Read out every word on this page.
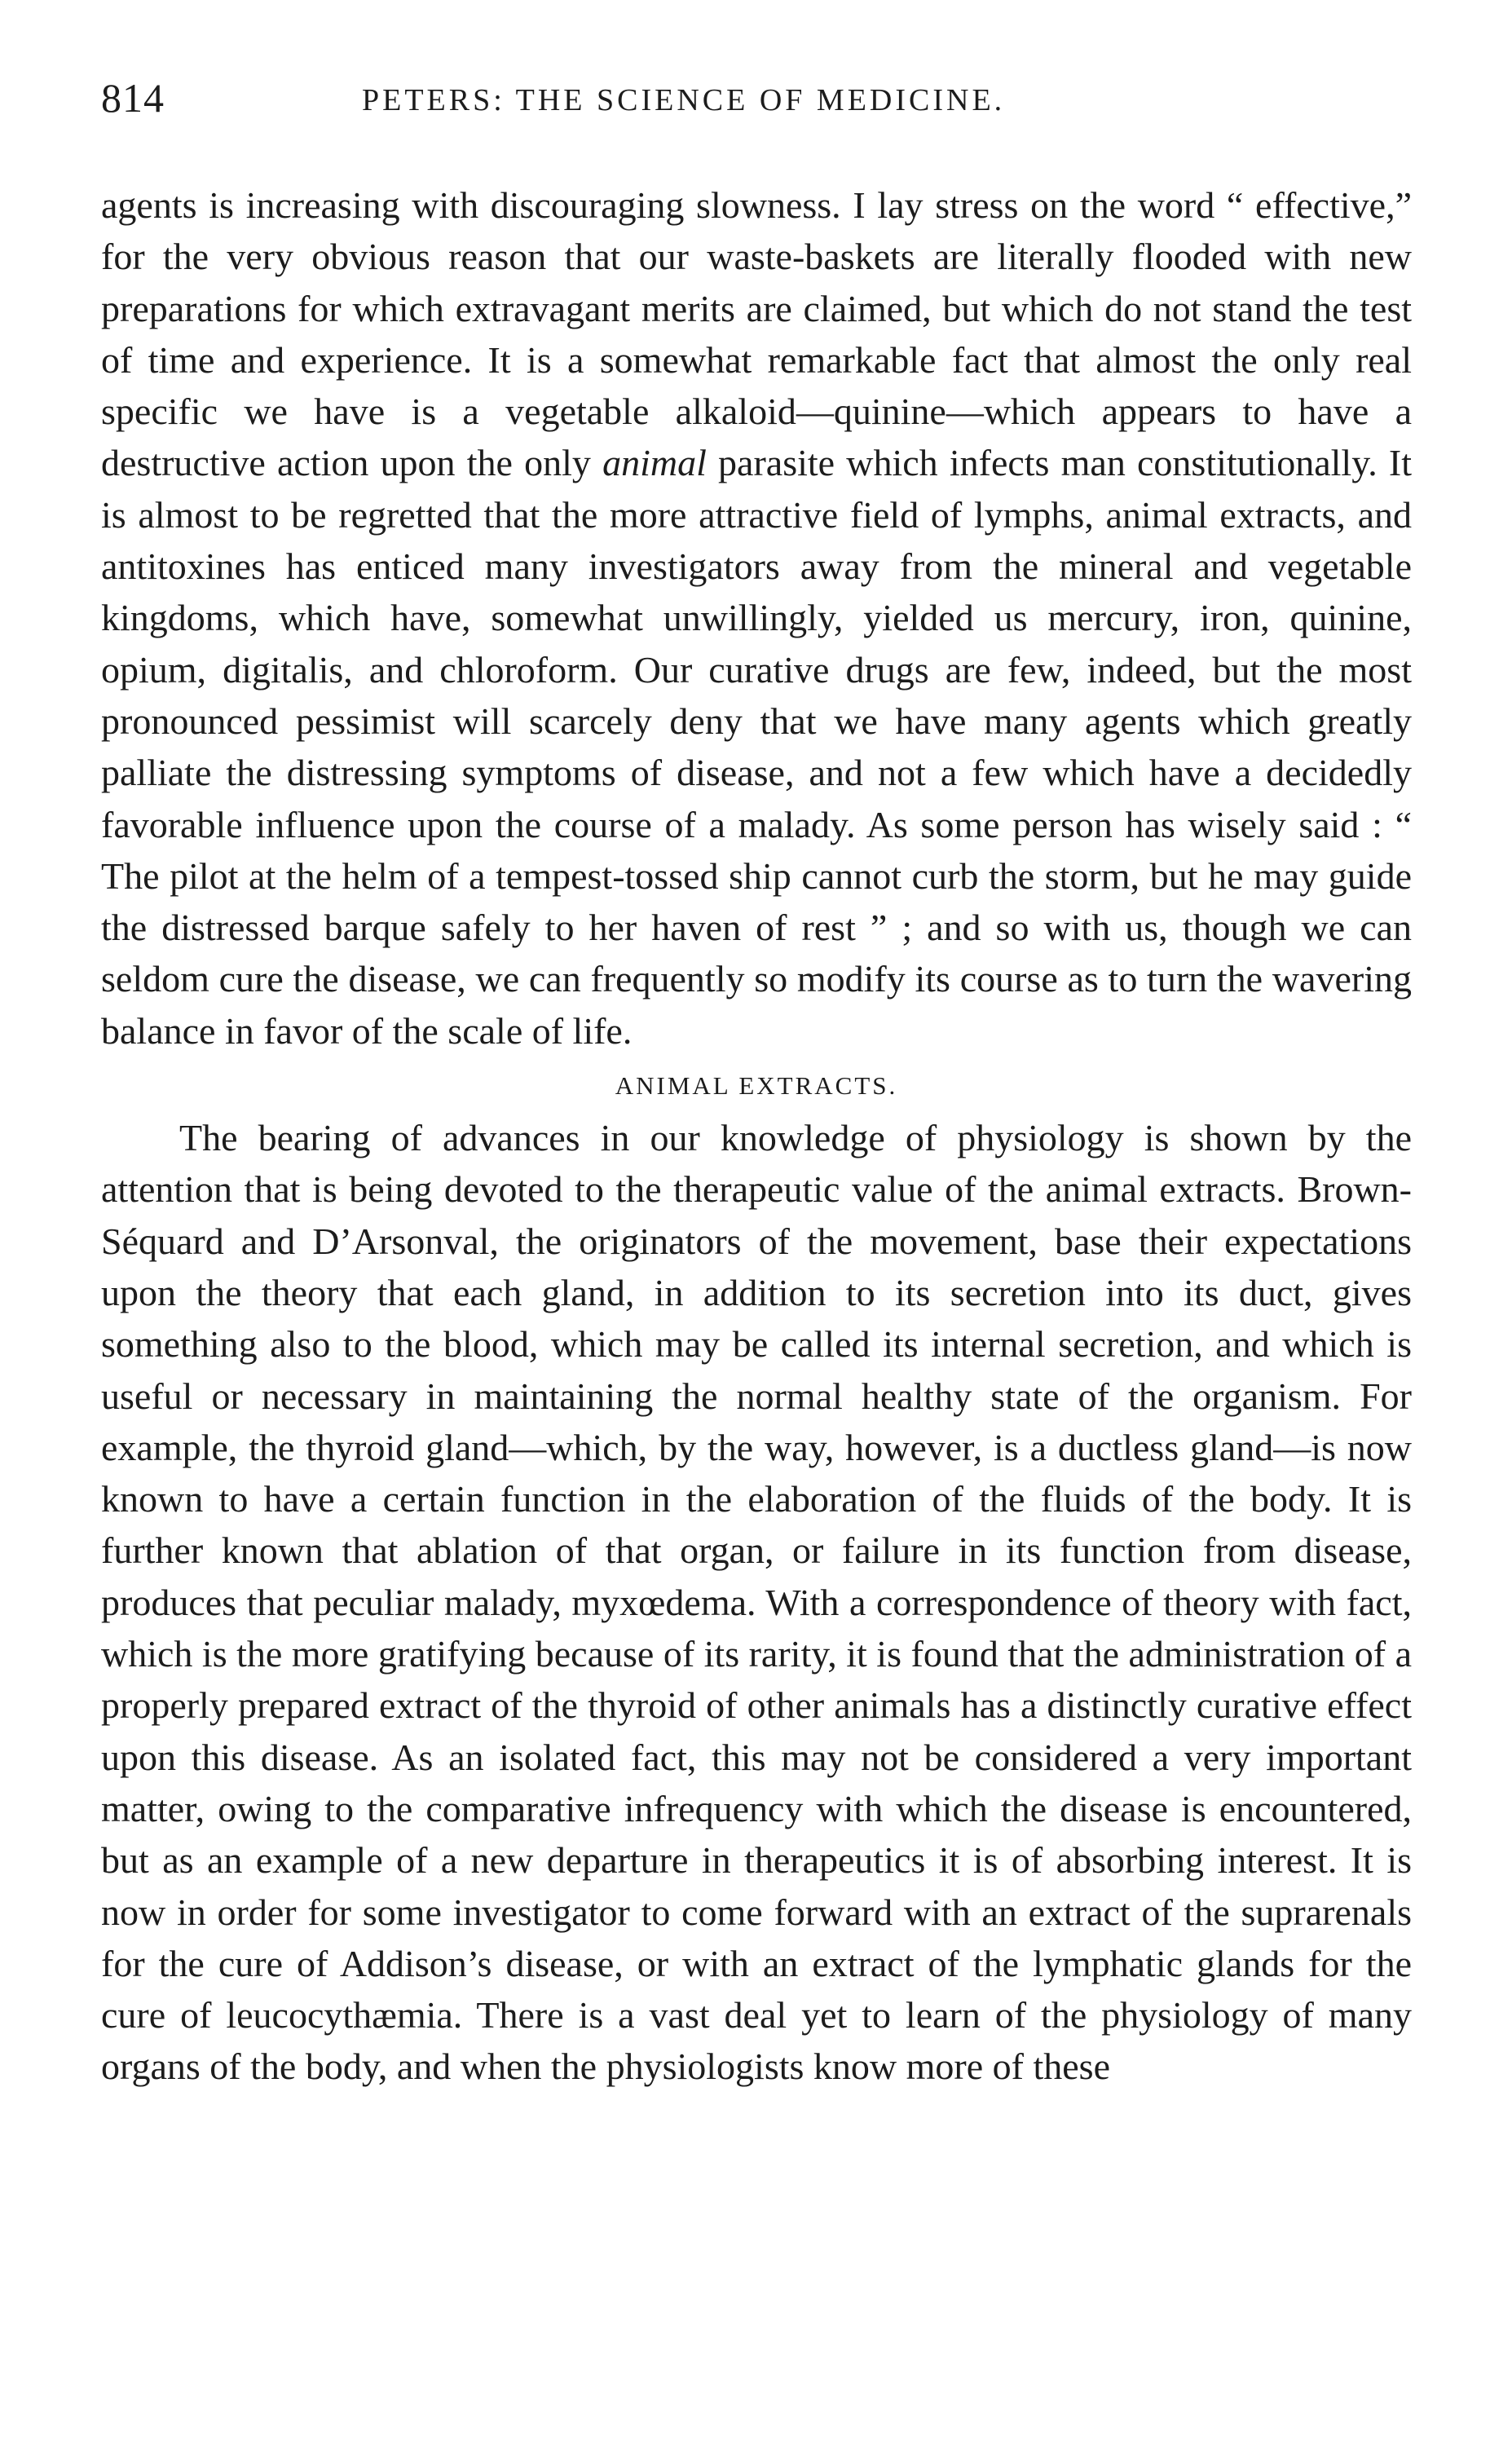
814	PETERS: THE SCIENCE OF MEDICINE.

agents is increasing with discouraging slowness. I lay stress on the word “ effective,” for the very obvious reason that our waste-baskets are literally flooded with new preparations for which extravagant merits are claimed, but which do not stand the test of time and experience. It is a somewhat remarkable fact that almost the only real specific we have is a vegetable alkaloid—quinine—which appears to have a destructive action upon the only animal parasite which infects man constitutionally. It is almost to be regretted that the more attractive field of lymphs, animal extracts, and antitoxines has enticed many investigators away from the mineral and vegetable kingdoms, which have, somewhat unwillingly, yielded us mercury, iron, quinine, opium, digitalis, and chloroform. Our curative drugs are few, indeed, but the most pronounced pessimist will scarcely deny that we have many agents which greatly palliate the distressing symptoms of disease, and not a few which have a decidedly favorable influence upon the course of a malady. As some person has wisely said : “ The pilot at the helm of a tempest-tossed ship cannot curb the storm, but he may guide the distressed barque safely to her haven of rest ” ; and so with us, though we can seldom cure the disease, we can frequently so modify its course as to turn the wavering balance in favor of the scale of life.

ANIMAL EXTRACTS.

The bearing of advances in our knowledge of physiology is shown by the attention that is being devoted to the therapeutic value of the animal extracts. Brown-Séquard and D’Arsonval, the originators of the movement, base their expectations upon the theory that each gland, in addition to its secretion into its duct, gives something also to the blood, which may be called its internal secretion, and which is useful or necessary in maintaining the normal healthy state of the organism. For example, the thyroid gland—which, by the way, however, is a ductless gland—is now known to have a certain function in the elaboration of the fluids of the body. It is further known that ablation of that organ, or failure in its function from disease, produces that peculiar malady, myxœdema. With a correspondence of theory with fact, which is the more gratifying because of its rarity, it is found that the administration of a properly prepared extract of the thyroid of other animals has a distinctly curative effect upon this disease. As an isolated fact, this may not be considered a very important matter, owing to the comparative infrequency with which the disease is encountered, but as an example of a new departure in therapeutics it is of absorbing interest. It is now in order for some investigator to come forward with an extract of the suprarenals for the cure of Addison’s disease, or with an extract of the lymphatic glands for the cure of leucocythæmia. There is a vast deal yet to learn of the physiology of many organs of the body, and when the physiologists know more of these
